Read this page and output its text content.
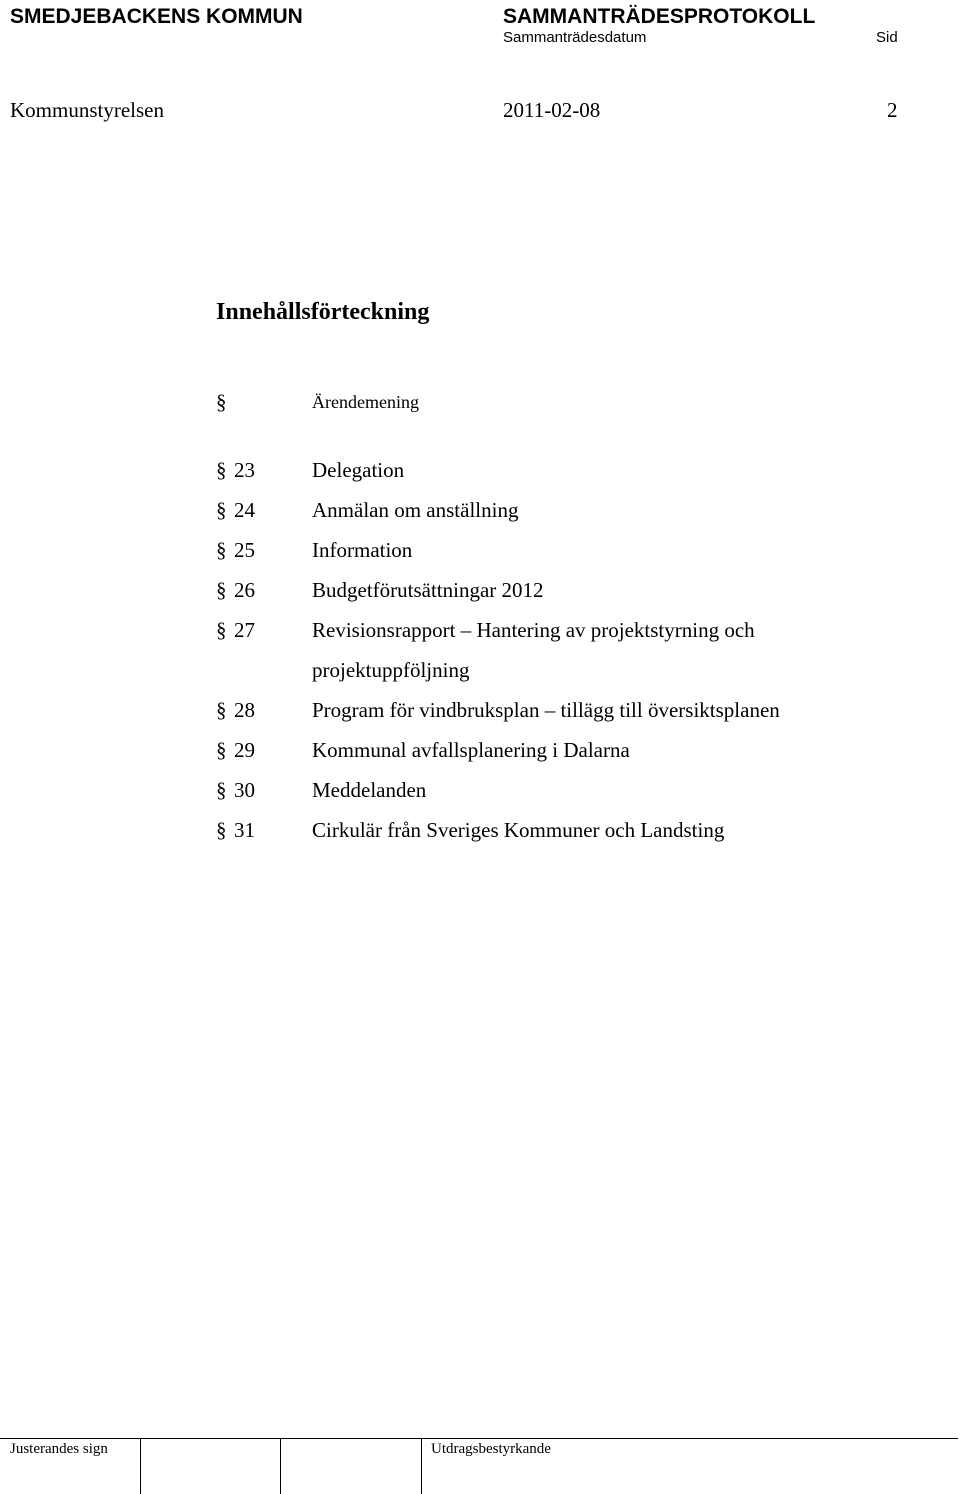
SMEDJEBACKENS KOMMUN	SAMMANTRÄDESPROTOKOLL
Sammanträdesdatum	Sid
Kommunstyrelsen	2011-02-08	2
Innehållsförteckning
§	Ärendemening
§ 23	Delegation
§ 24	Anmälan om anställning
§ 25	Information
§ 26	Budgetförutsättningar 2012
§ 27	Revisionsrapport – Hantering av projektstyrning och
projektuppföljning
§ 28	Program för vindbruksplan – tillägg till översiktsplanen
§ 29	Kommunal avfallsplanering i Dalarna
§ 30	Meddelanden
§ 31	Cirkulär från Sveriges Kommuner och Landsting
Justerandes sign	Utdragsbestyrkande
